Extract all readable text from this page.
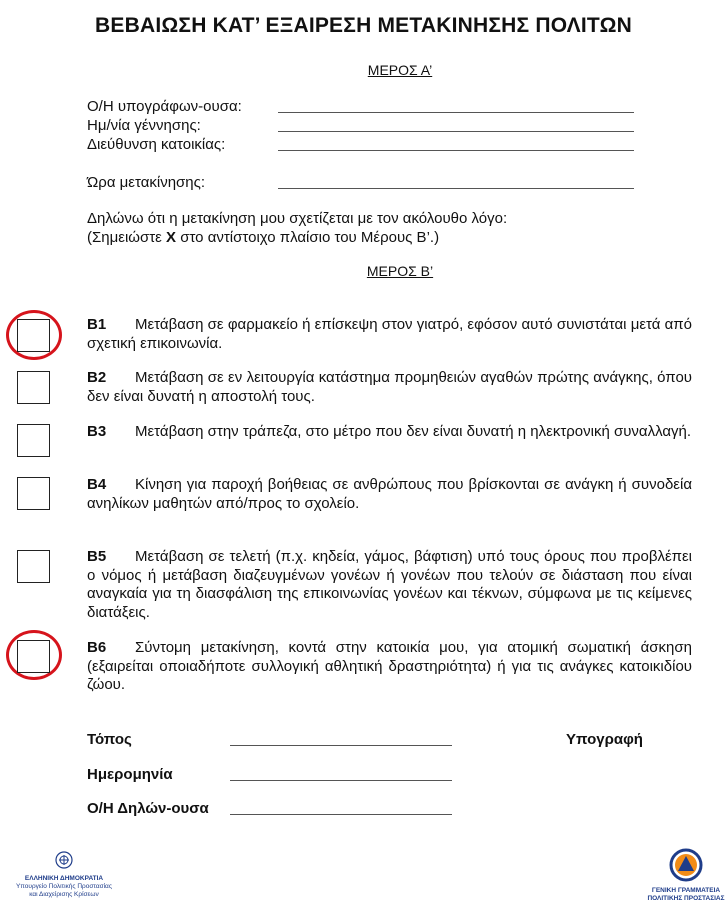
ΒΕΒΑΙΩΣΗ ΚΑΤ’ ΕΞΑΙΡΕΣΗ ΜΕΤΑΚΙΝΗΣΗΣ ΠΟΛΙΤΩΝ
ΜΕΡΟΣ Α’
Ο/Η υπογράφων-ουσα:
Ημ/νία γέννησης:
Διεύθυνση κατοικίας:
Ώρα μετακίνησης:
Δηλώνω ότι η μετακίνηση μου σχετίζεται με τον ακόλουθο λόγο:
(Σημειώστε Χ στο αντίστοιχο πλαίσιο του Μέρους Β’.)
ΜΕΡΟΣ Β’
Β1 Μετάβαση σε φαρμακείο ή επίσκεψη στον γιατρό, εφόσον αυτό συνιστάται μετά από σχετική επικοινωνία.
Β2 Μετάβαση σε εν λειτουργία κατάστημα προμηθειών αγαθών πρώτης ανάγκης, όπου δεν είναι δυνατή η αποστολή τους.
Β3 Μετάβαση στην τράπεζα, στο μέτρο που δεν είναι δυνατή η ηλεκτρονική συναλλαγή.
Β4 Κίνηση για παροχή βοήθειας σε ανθρώπους που βρίσκονται σε ανάγκη ή συνοδεία ανηλίκων μαθητών από/προς το σχολείο.
Β5 Μετάβαση σε τελετή (π.χ. κηδεία, γάμος, βάφτιση) υπό τους όρους που προβλέπει ο νόμος ή μετάβαση διαζευγμένων γονέων ή γονέων που τελούν σε διάσταση που είναι αναγκαία για τη διασφάλιση της επικοινωνίας γονέων και τέκνων, σύμφωνα με τις κείμενες διατάξεις.
Β6 Σύντομη μετακίνηση, κοντά στην κατοικία μου, για ατομική σωματική άσκηση (εξαιρείται οποιαδήποτε συλλογική αθλητική δραστηριότητα) ή για τις ανάγκες κατοικιδίου ζώου.
Τόπος	Υπογραφή
Ημερομηνία
Ο/Η Δηλών-ουσα
ΕΛΛΗΝΙΚΗ ΔΗΜΟΚΡΑΤΙΑ
Υπουργείο Πολιτικής Προστασίας
και Διαχείρισης Κρίσεων
ΓΕΝΙΚΗ ΓΡΑΜΜΑΤΕΙΑ
ΠΟΛΙΤΙΚΗΣ ΠΡΟΣΤΑΣΙΑΣ
